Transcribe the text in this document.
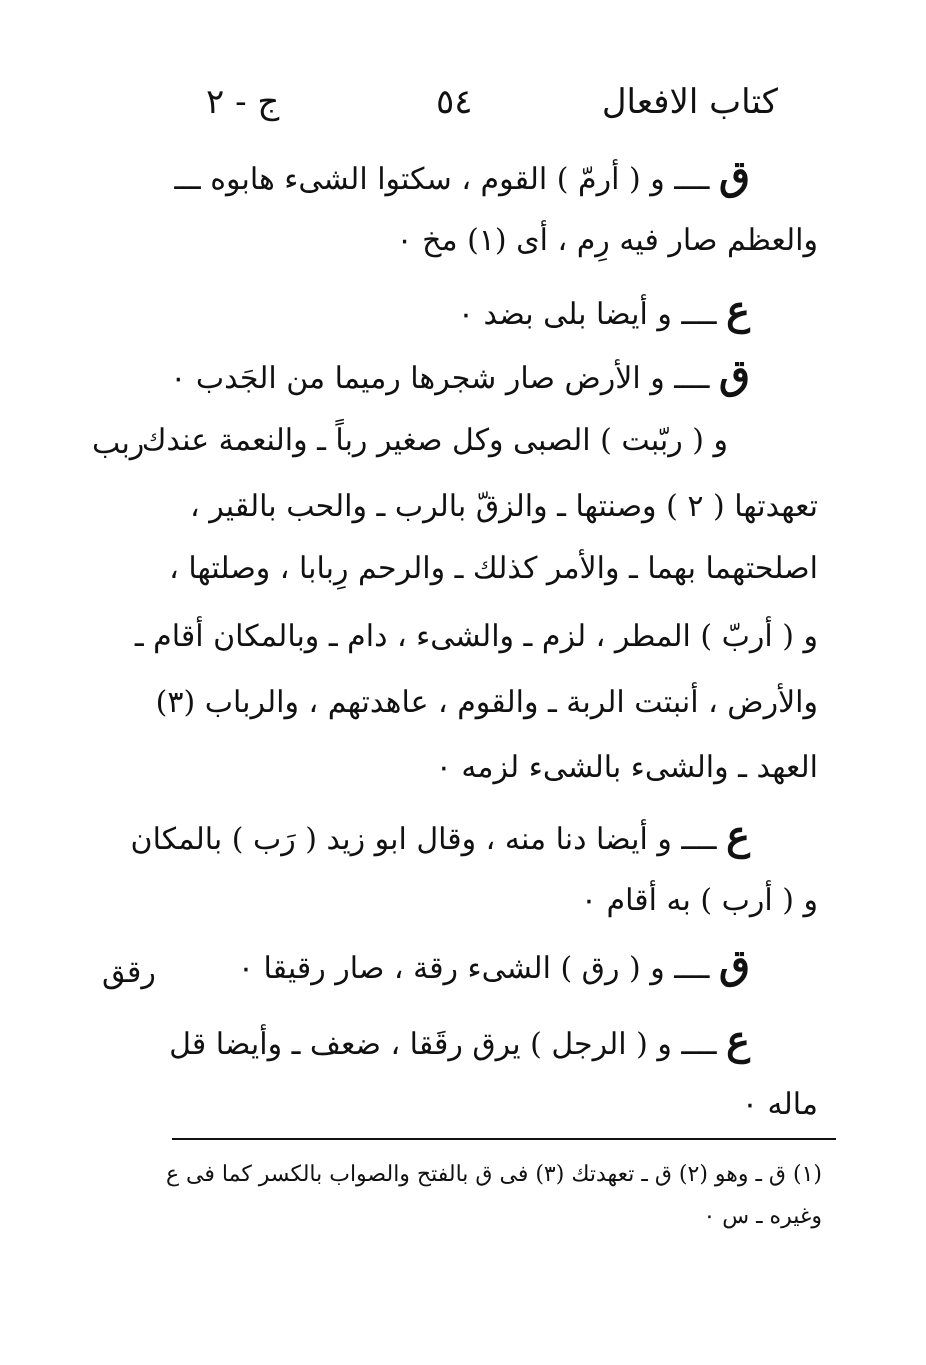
كتاب الافعال
٥٤
ج - ٢
ق ــــ و ( أرمّ ) القوم ، سكتوا الشىء هابوه ـــ
والعظم صار فيه رِم ، أى (١) مخ ٠
ع ــــ و أيضا بلى بضد ٠
ق ــــ و الأرض صار شجرها رميما من الجَدب ٠
و ( ربّبت ) الصبى وكل صغير رباً ـ والنعمة عندك
تعهدتها ( ٢ ) وصنتها ـ والزقّ بالرب ـ والحب بالقير ،
اصلحتهما بهما ـ والأمر كذلك ـ والرحم رِبابا ، وصلتها ،
و ( أربّ ) المطر ، لزم ـ والشىء ، دام ـ وبالمكان أقام ـ
والأرض ، أنبتت الربة ـ والقوم ، عاهدتهم ، والرباب (٣)
العهد ـ والشىء بالشىء لزمه ٠
ع ــــ و أيضا دنا منه ، وقال ابو زيد ( رَب ) بالمكان
و ( أرب ) به أقام ٠
ق ــــ و ( رق ) الشىء رقة ، صار رقيقا ٠
ع ــــ و ( الرجل ) يرق رقَقا ، ضعف ـ وأيضا قل
ماله ٠
ربب
رقق
(١) ق ـ وهو (٢) ق ـ تعهدتك (٣) فى ق بالفتح والصواب بالكسر كما فى ع
وغيره ـ س ٠
